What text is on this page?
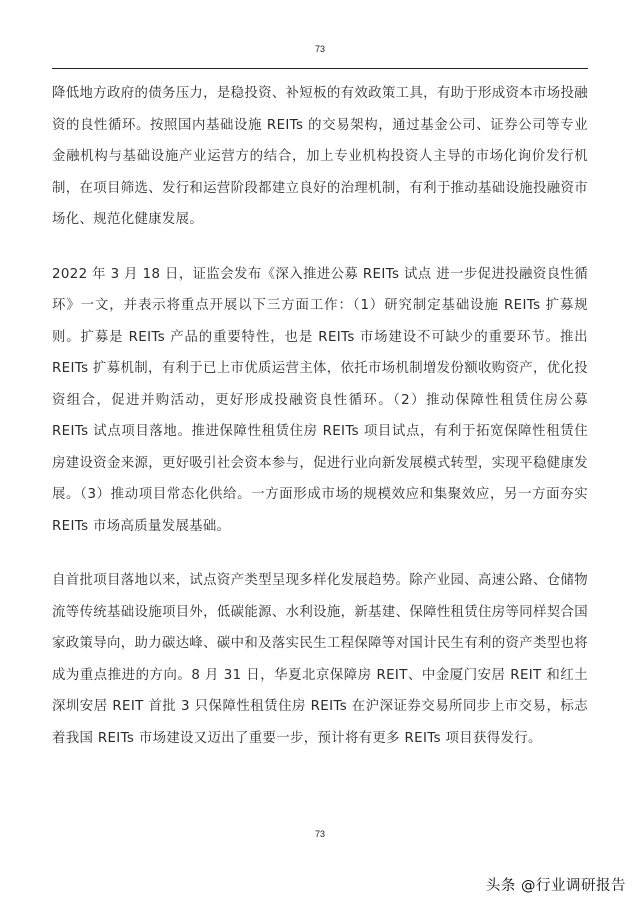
73

降低地方政府的债务压力，是稳投资、补短板的有效政策工具，有助于形成资本市场投融资的良性循环。按照国内基础设施 REITs 的交易架构，通过基金公司、证券公司等专业金融机构与基础设施产业运营方的结合，加上专业机构投资人主导的市场化询价发行机制，在项目筛选、发行和运营阶段都建立良好的治理机制，有利于推动基础设施投融资市场化、规范化健康发展。

2022 年 3 月 18 日，证监会发布《深入推进公募 REITs 试点 进一步促进投融资良性循环》一文，并表示将重点开展以下三方面工作：（1）研究制定基础设施 REITs 扩募规则。扩募是 REITs 产品的重要特性，也是 REITs 市场建设不可缺少的重要环节。推出 REITs 扩募机制，有利于已上市优质运营主体，依托市场机制增发份额收购资产，优化投资组合，促进并购活动，更好形成投融资良性循环。（2）推动保障性租赁住房公募 REITs 试点项目落地。推进保障性租赁住房 REITs 项目试点，有利于拓宽保障性租赁住房建设资金来源，更好吸引社会资本参与，促进行业向新发展模式转型，实现平稳健康发展。（3）推动项目常态化供给。一方面形成市场的规模效应和集聚效应，另一方面夯实 REITs 市场高质量发展基础。

自首批项目落地以来，试点资产类型呈现多样化发展趋势。除产业园、高速公路、仓储物流等传统基础设施项目外，低碳能源、水利设施，新基建、保障性租赁住房等同样契合国家政策导向，助力碳达峰、碳中和及落实民生工程保障等对国计民生有利的资产类型也将成为重点推进的方向。8 月 31 日，华夏北京保障房 REIT、中金厦门安居 REIT 和红土深圳安居 REIT 首批 3 只保障性租赁住房 REITs 在沪深证券交易所同步上市交易，标志着我国 REITs 市场建设又迈出了重要一步，预计将有更多 REITs 项目获得发行。

73
头条 @行业调研报告
